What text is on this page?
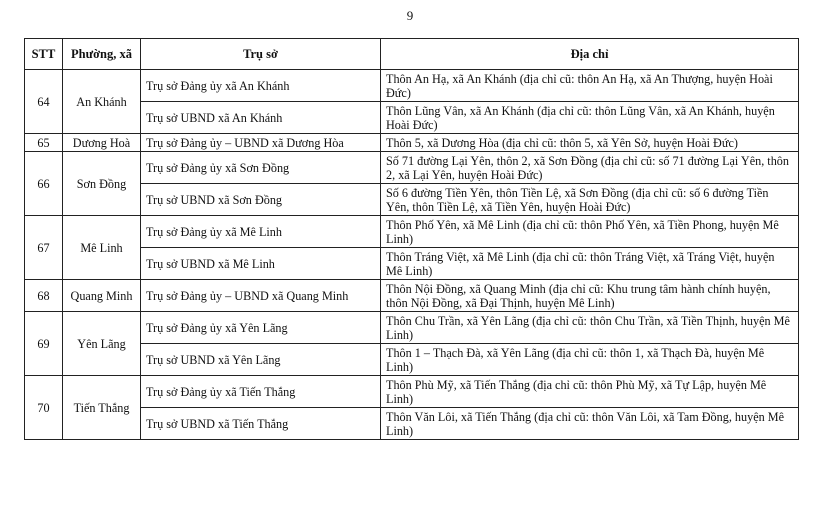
9
STT	Phường, xã	Trụ sở	Địa chỉ
64	An Khánh	Trụ sở Đảng ủy xã An Khánh	Thôn An Hạ, xã An Khánh (địa chỉ cũ: thôn An Hạ, xã An Thượng, huyện Hoài Đức)
		Trụ sở UBND xã An Khánh	Thôn Lũng Vân, xã An Khánh (địa chỉ cũ: thôn Lũng Vân, xã An Khánh, huyện Hoài Đức)
65	Dương Hoà	Trụ sở Đảng ủy – UBND xã Dương Hòa	Thôn 5, xã Dương Hòa (địa chỉ cũ: thôn 5, xã Yên Sở, huyện Hoài Đức)
66	Sơn Đồng	Trụ sở Đảng ủy xã Sơn Đồng	Số 71 đường Lại Yên, thôn 2, xã Sơn Đồng (địa chỉ cũ: số 71 đường Lại Yên, thôn 2, xã Lại Yên, huyện Hoài Đức)
		Trụ sở UBND xã Sơn Đồng	Số 6 đường Tiền Yên, thôn Tiền Lệ, xã Sơn Đồng (địa chỉ cũ: số 6 đường Tiền Yên, thôn Tiền Lệ, xã Tiền Yên, huyện Hoài Đức)
67	Mê Linh	Trụ sở Đảng ủy xã Mê Linh	Thôn Phố Yên, xã Mê Linh (địa chỉ cũ: thôn Phố Yên, xã Tiền Phong, huyện Mê Linh)
		Trụ sở UBND xã Mê Linh	Thôn Tráng Việt, xã Mê Linh (địa chỉ cũ: thôn Tráng Việt, xã Tráng Việt, huyện Mê Linh)
68	Quang Minh	Trụ sở Đảng ủy – UBND xã Quang Minh	Thôn Nội Đồng, xã Quang Minh (địa chỉ cũ: Khu trung tâm hành chính huyện, thôn Nội Đồng, xã Đại Thịnh, huyện Mê Linh)
69	Yên Lãng	Trụ sở Đảng ủy xã Yên Lãng	Thôn Chu Trần, xã Yên Lãng (địa chỉ cũ: thôn Chu Trần, xã Tiền Thịnh, huyện Mê Linh)
		Trụ sở UBND xã Yên Lãng	Thôn 1 – Thạch Đà, xã Yên Lãng (địa chỉ cũ: thôn 1, xã Thạch Đà, huyện Mê Linh)
70	Tiến Thắng	Trụ sở Đảng ủy xã Tiến Thắng	Thôn Phù Mỹ, xã Tiến Thắng (địa chỉ cũ: thôn Phù Mỹ, xã Tự Lập, huyện Mê Linh)
		Trụ sở UBND xã Tiến Thắng	Thôn Văn Lôi, xã Tiến Thắng (địa chỉ cũ: thôn Văn Lôi, xã Tam Đồng, huyện Mê Linh)
